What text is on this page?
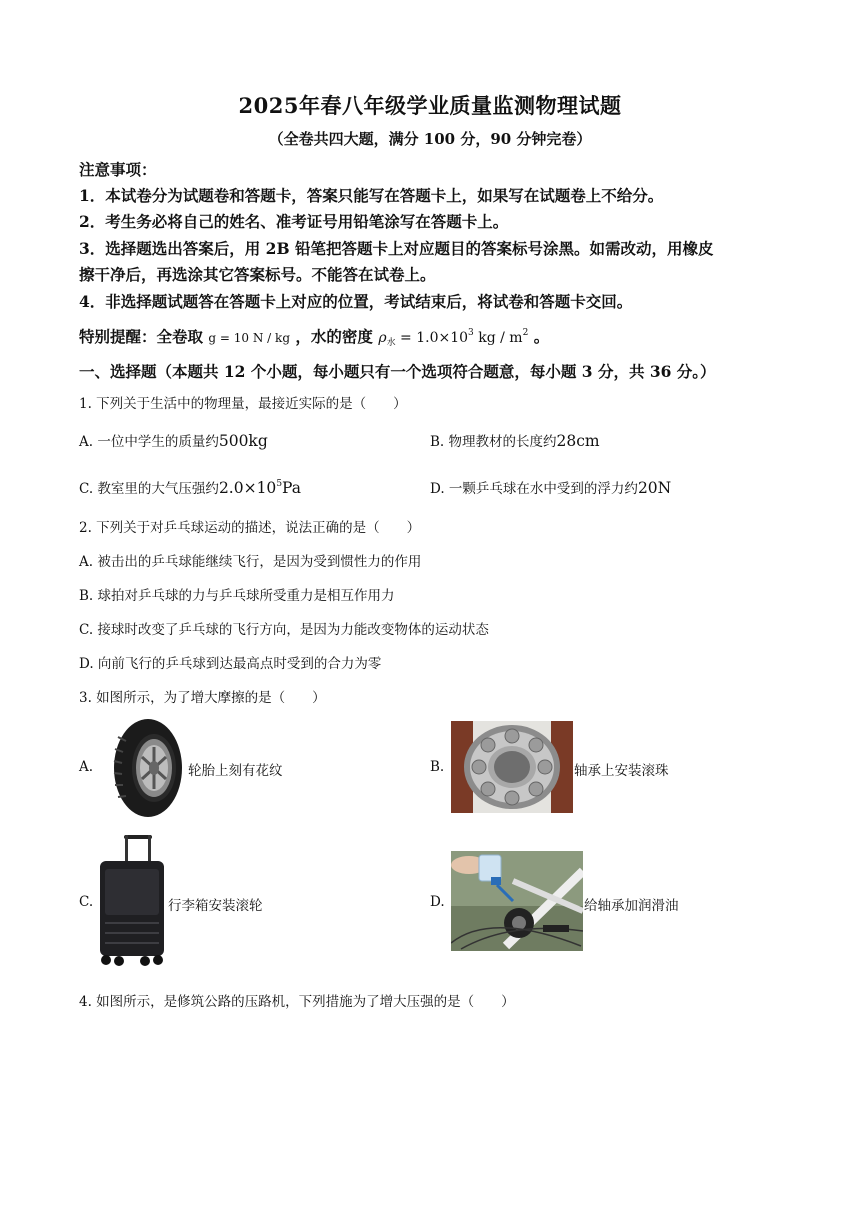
2025年春八年级学业质量监测物理试题
（全卷共四大题，满分 100 分，90 分钟完卷）
注意事项：
1．本试卷分为试题卷和答题卡，答案只能写在答题卡上，如果写在试题卷上不给分。
2．考生务必将自己的姓名、准考证号用铅笔涂写在答题卡上。
3．选择题选出答案后，用 2B 铅笔把答题卡上对应题目的答案标号涂黑。如需改动，用橡皮
擦干净后，再选涂其它答案标号。不能答在试卷上。
4．非选择题试题答在答题卡上对应的位置，考试结束后，将试卷和答题卡交回。
特别提醒：全卷取 g = 10 N / kg ，水的密度 $\rho_水 = 1.0\times 10^3$ kg / $m^2$ 。
一、选择题（本题共 12 个小题，每小题只有一个选项符合题意，每小题 3 分，共 36 分。）
1. 下列关于生活中的物理量，最接近实际的是（　　）
A. 一位中学生的质量约500kg	B. 物理教材的长度约28cm
C. 教室里的大气压强约$2.0\times 10^5Pa$	D. 一颗乒乓球在水中受到的浮力约20N
2. 下列关于对乒乓球运动的描述，说法正确的是（　　）
A. 被击出的乒乓球能继续飞行，是因为受到惯性力的作用
B. 球拍对乒乓球的力与乒乓球所受重力是相互作用力
C. 接球时改变了乒乓球的飞行方向，是因为力能改变物体的运动状态
D. 向前飞行的乒乓球到达最高点时受到的合力为零
3. 如图所示，为了增大摩擦的是（　　）
A.	轮胎上刻有花纹	B.	轴承上安装滚珠
C.	行李箱安装滚轮	D.	给轴承加润滑油
4. 如图所示，是修筑公路的压路机，下列措施为了增大压强的是（　　）
